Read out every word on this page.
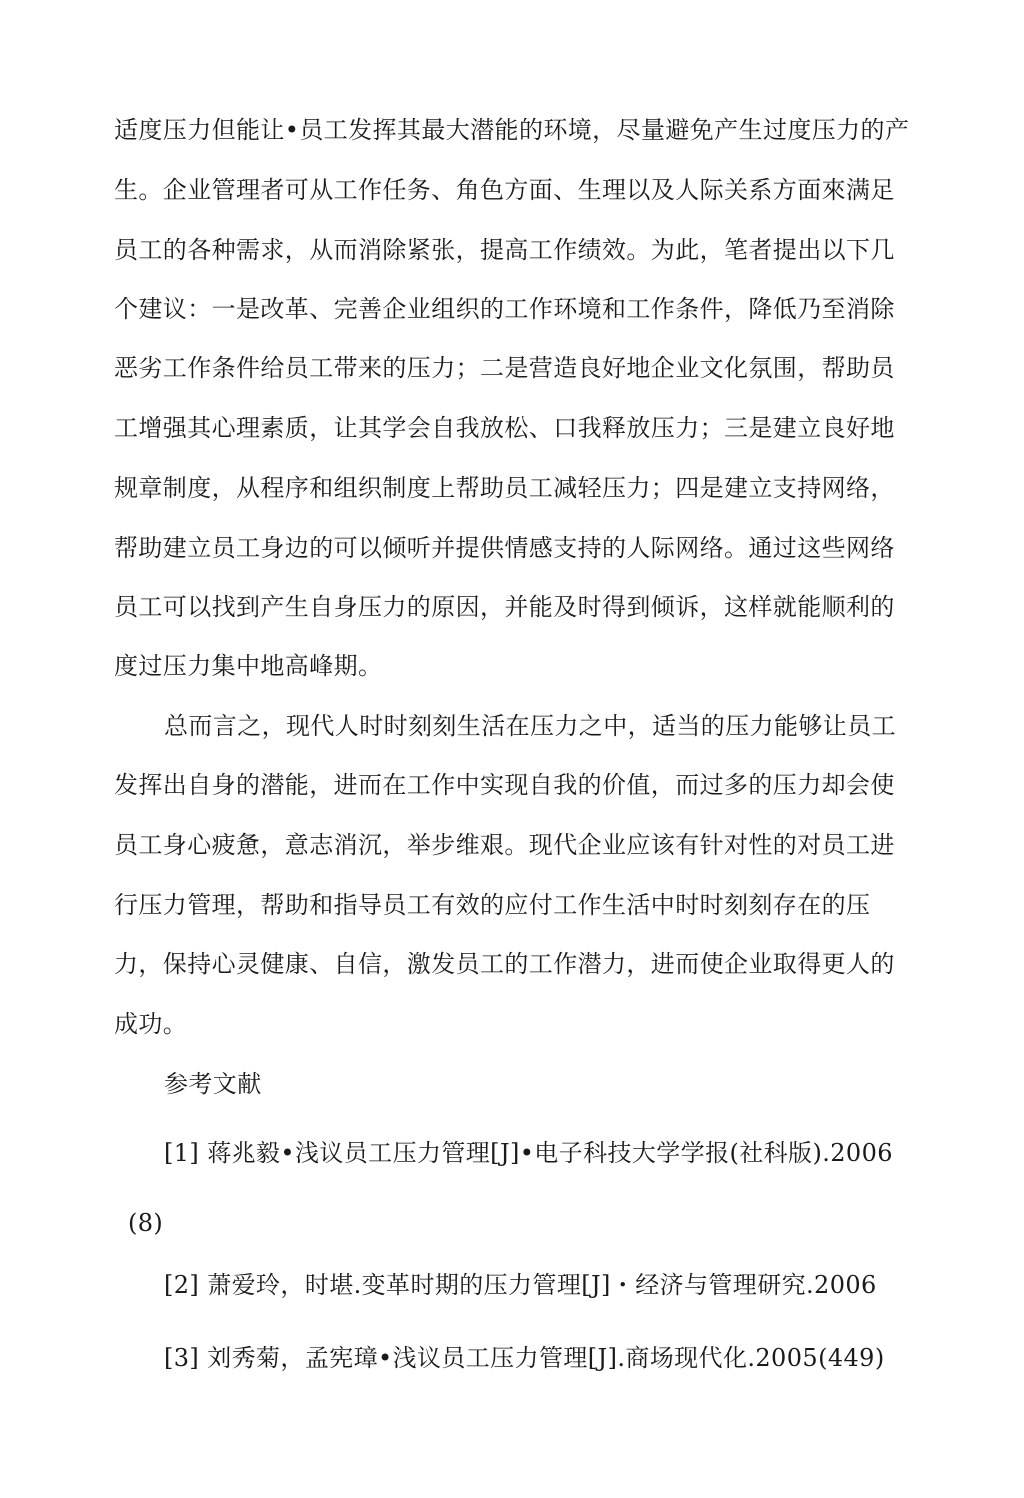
适度压力但能让•员工发挥其最大潜能的环境，尽量避免产生过度压力的产
生。企业管理者可从工作任务、角色方面、生理以及人际关系方面來满足
员工的各种需求，从而消除紧张，提高工作绩效。为此，笔者提出以下几
个建议：一是改革、完善企业组织的工作环境和工作条件，降低乃至消除
恶劣工作条件给员工带来的压力；二是营造良好地企业文化氛围，帮助员
工增强其心理素质，让其学会自我放松、口我释放压力；三是建立良好地
规章制度，从程序和组织制度上帮助员工减轻压力；四是建立支持网络，
帮助建立员工身边的可以倾听并提供情感支持的人际网络。通过这些网络
员工可以找到产生自身压力的原因，并能及时得到倾诉，这样就能顺利的
度过压力集中地高峰期。
总而言之，现代人时时刻刻生活在压力之中，适当的压力能够让员工
发挥出自身的潜能，进而在工作中实现自我的价值，而过多的压力却会使
员工身心疲惫，意志消沉，举步维艰。现代企业应该有针对性的对员工进
行压力管理，帮助和指导员工有效的应付工作生活中时时刻刻存在的压
力，保持心灵健康、自信，激发员工的工作潜力，进而使企业取得更人的
成功。
参考文献
[1] 蒋兆毅•浅议员工压力管理[J]•电子科技大学学报(社科版).2006
(8)
[2] 萧爱玲，时堪.变革时期的压力管理[J]・经济与管理研究.2006
[3] 刘秀菊，孟宪璋•浅议员工压力管理[J].商场现代化.2005(449)
